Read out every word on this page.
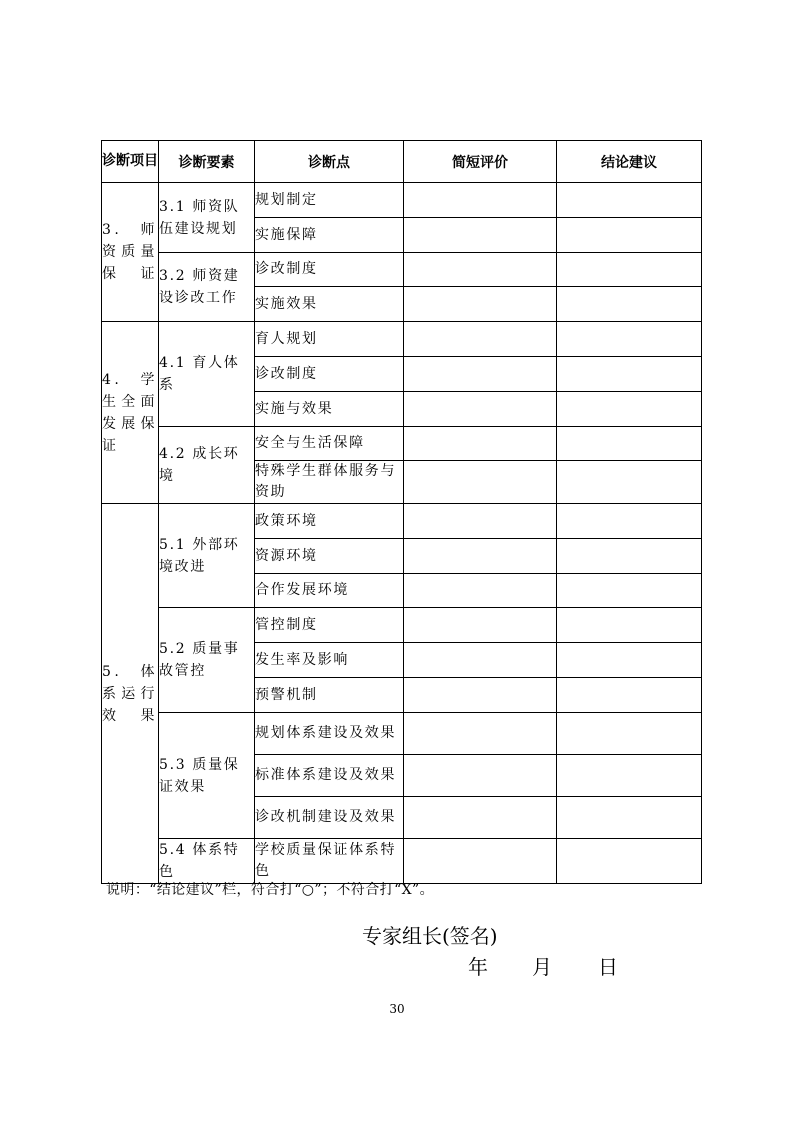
诊断项目	诊断要素	诊断点	简短评价	结论建议
3. 师资质量保证	3.1 师资队伍建设规划	规划制定		
		实施保障		
	3.2 师资建设诊改工作	诊改制度		
		实施效果		
4. 学生全面发展保证	4.1 育人体系	育人规划		
		诊改制度		
		实施与效果		
	4.2 成长环境	安全与生活保障		
		特殊学生群体服务与资助		
5. 体系运行效果	5.1 外部环境改进	政策环境		
		资源环境		
		合作发展环境		
	5.2 质量事故管控	管控制度		
		发生率及影响		
		预警机制		
	5.3 质量保证效果	规划体系建设及效果		
		标准体系建设及效果		
		诊改机制建设及效果		
	5.4 体系特色	学校质量保证体系特色		
说明：“结论建议”栏，符合打“○”；不符合打“X”。
专家组长(签名)
年 月 日
30
